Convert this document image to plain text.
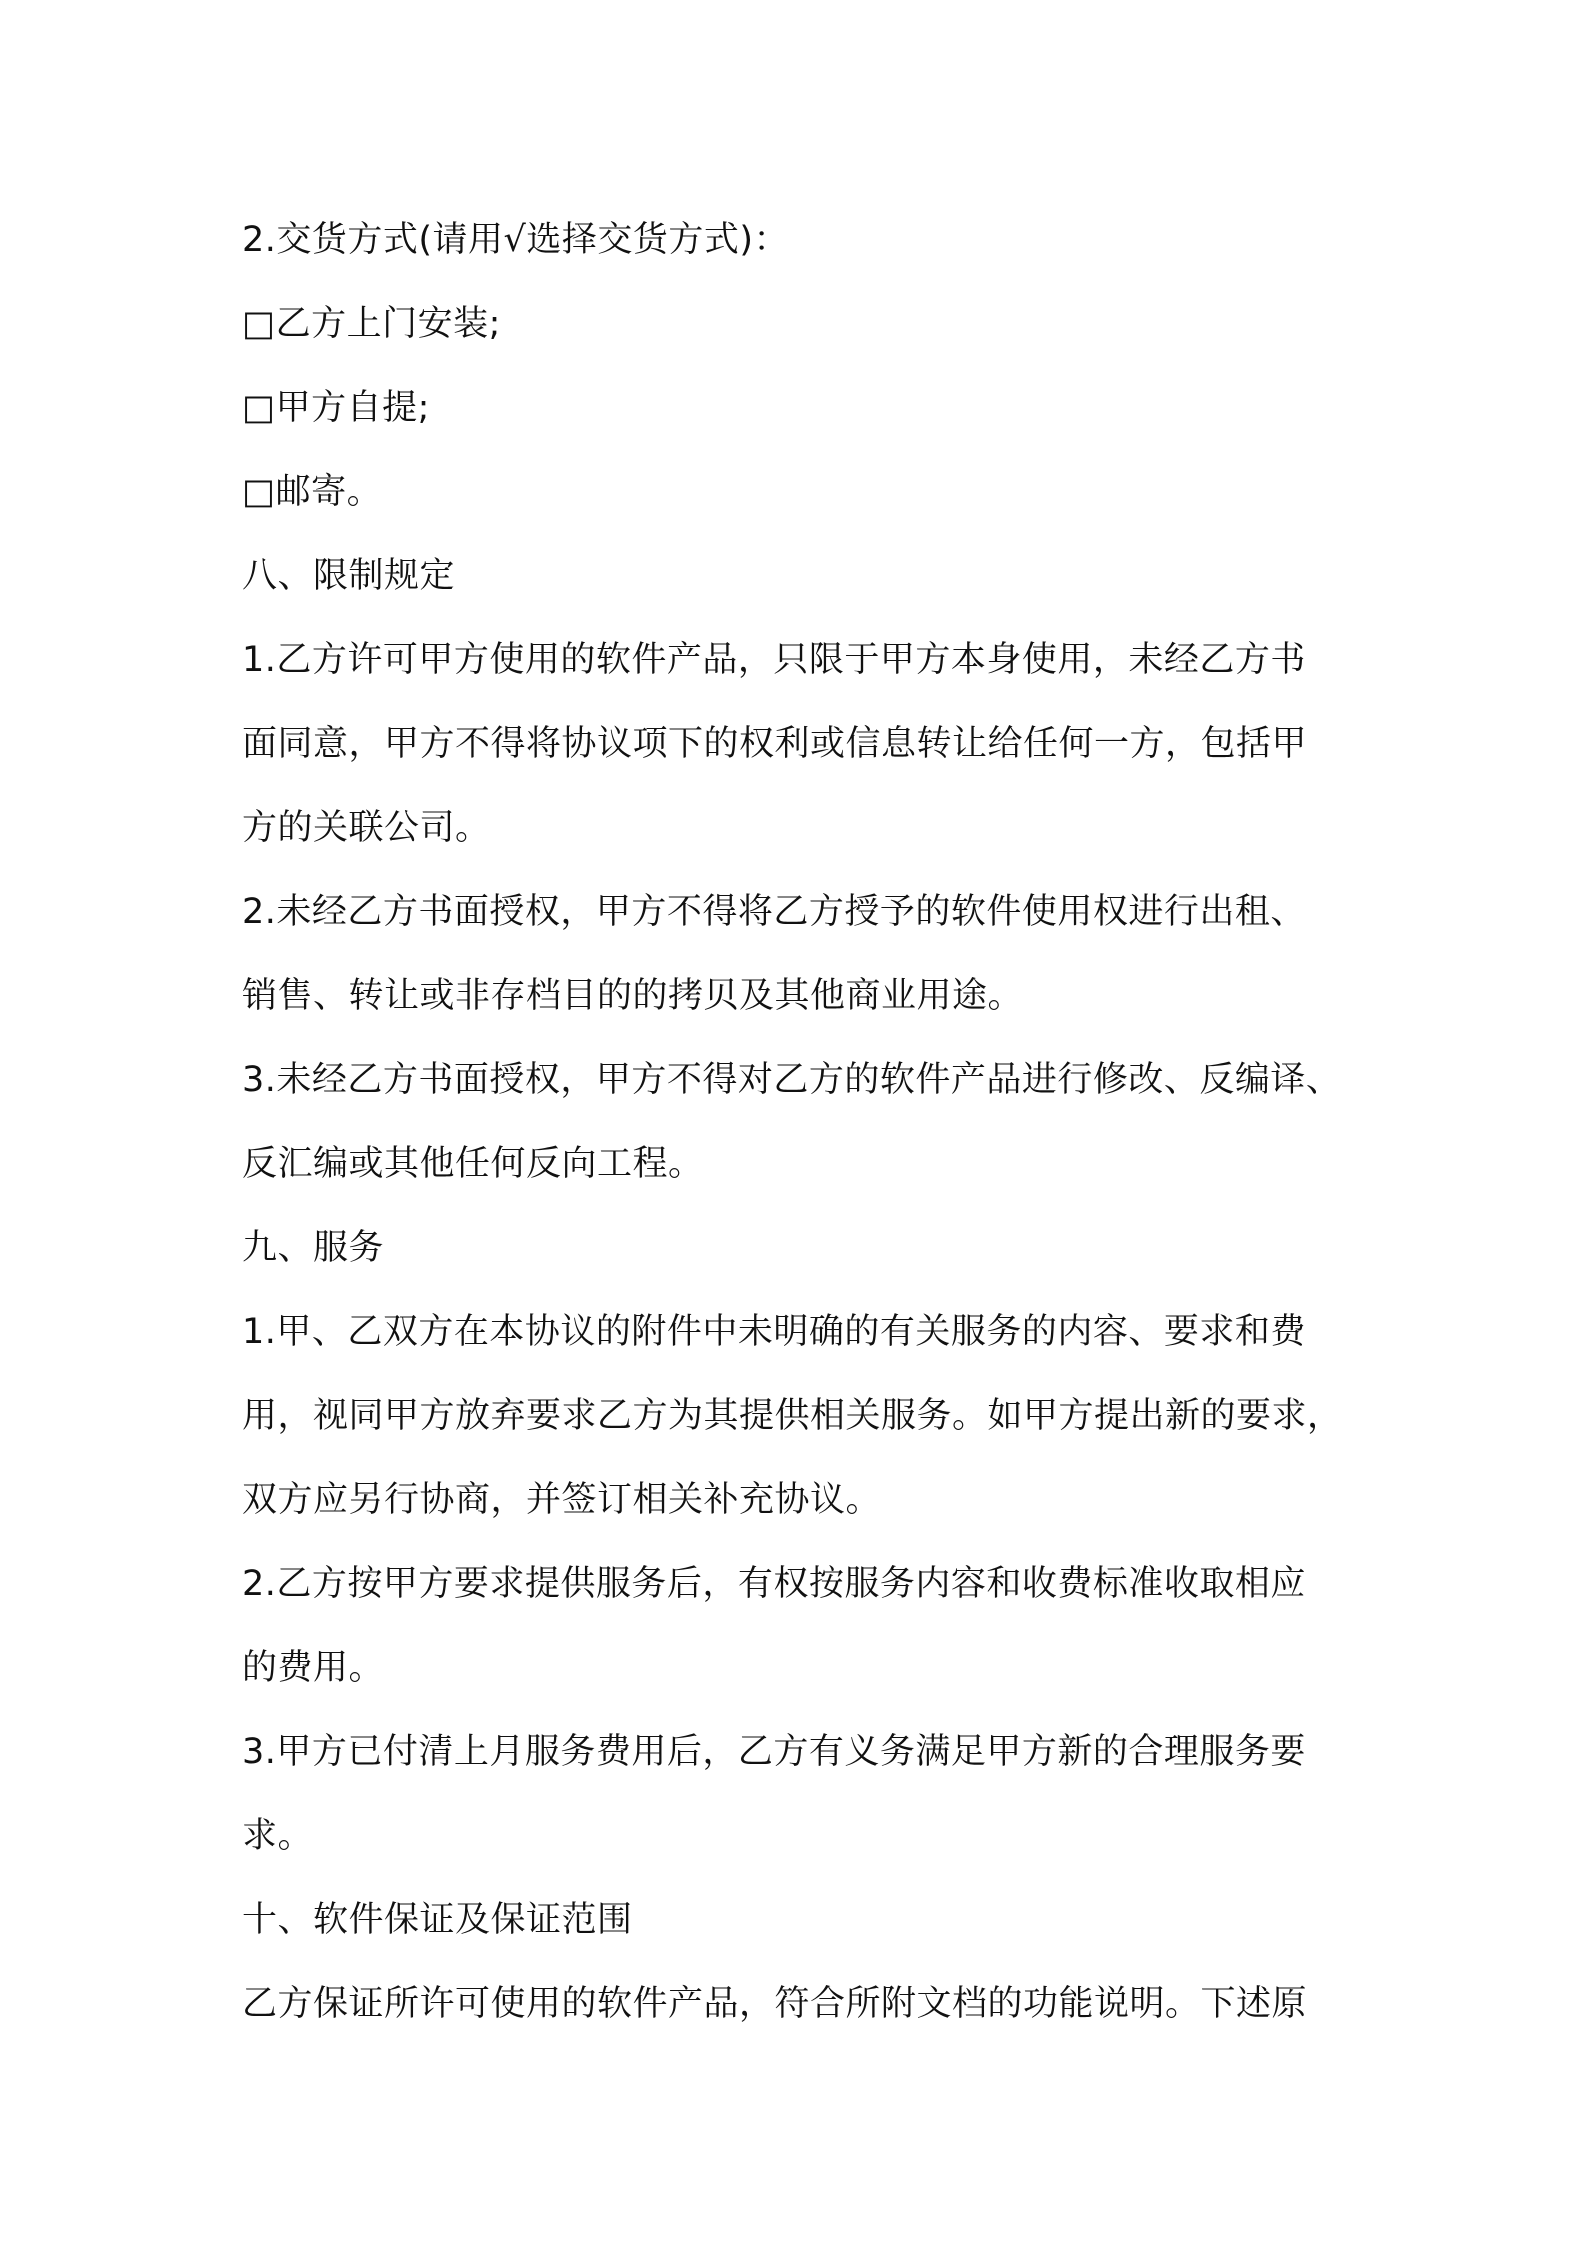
2.交货方式(请用√选择交货方式)：
□乙方上门安装;
□甲方自提;
□邮寄。
八、限制规定
1.乙方许可甲方使用的软件产品，只限于甲方本身使用，未经乙方书
面同意，甲方不得将协议项下的权利或信息转让给任何一方，包括甲
方的关联公司。
2.未经乙方书面授权，甲方不得将乙方授予的软件使用权进行出租、
销售、转让或非存档目的的拷贝及其他商业用途。
3.未经乙方书面授权，甲方不得对乙方的软件产品进行修改、反编译、
反汇编或其他任何反向工程。
九、服务
1.甲、乙双方在本协议的附件中未明确的有关服务的内容、要求和费
用，视同甲方放弃要求乙方为其提供相关服务。如甲方提出新的要求，
双方应另行协商，并签订相关补充协议。
2.乙方按甲方要求提供服务后，有权按服务内容和收费标准收取相应
的费用。
3.甲方已付清上月服务费用后，乙方有义务满足甲方新的合理服务要
求。
十、软件保证及保证范围
乙方保证所许可使用的软件产品，符合所附文档的功能说明。下述原
